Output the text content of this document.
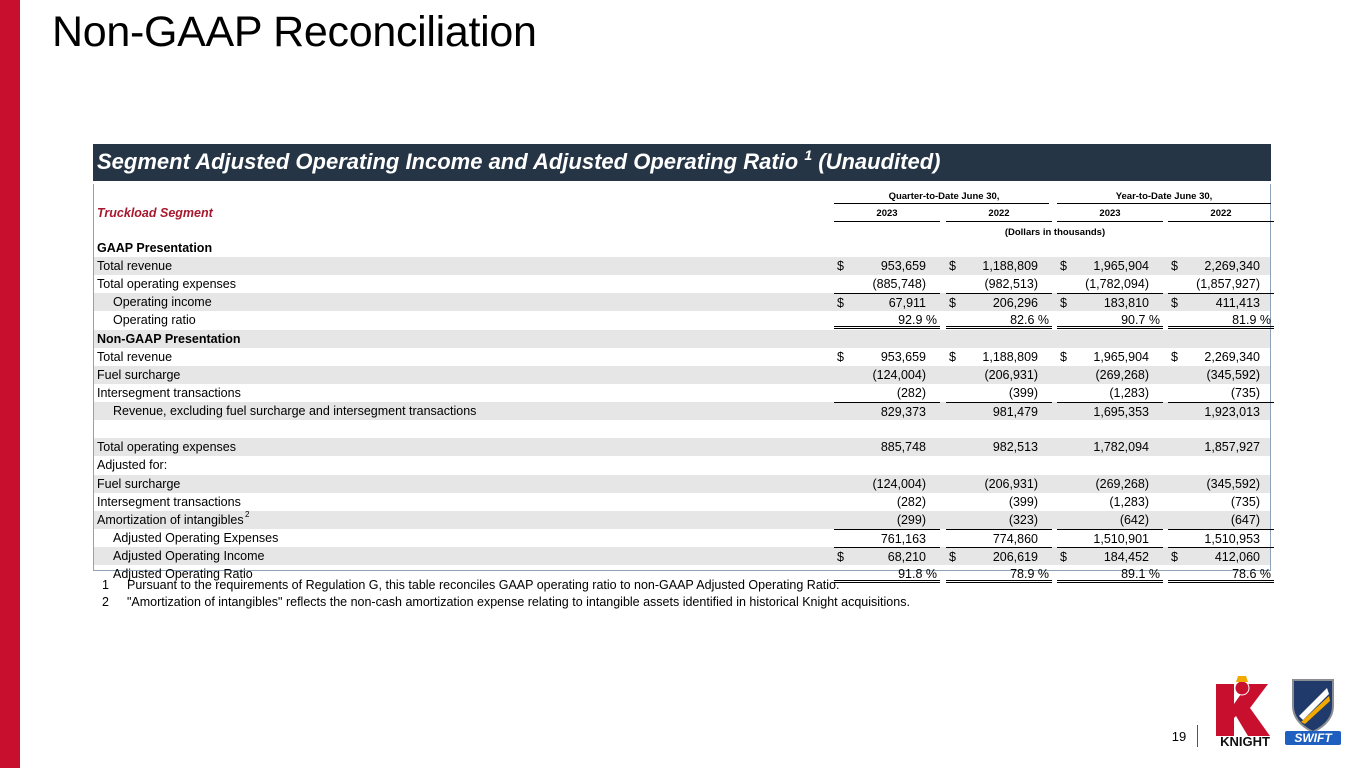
Non-GAAP Reconciliation
Segment Adjusted Operating Income and Adjusted Operating Ratio $^1$ (Unaudited)
Quarter-to-Date June 30,	Year-to-Date June 30,
Truckload Segment	2023	2022	2023	2022
(Dollars in thousands)
GAAP Presentation
Total revenue	$	953,659 $ 1,188,809 $ 1,965,904 $ 2,269,340
Total operating expenses	(885,748)	(982,513)	(1,782,094)	(1,857,927)
Operating income	$	67,911 $	206,296 $	183,810 $	411,413
Operating ratio	92.9 %	82.6 %	90.7 %	81.9 %
Non-GAAP Presentation
Total revenue	$	953,659 $ 1,188,809 $ 1,965,904 $ 2,269,340
Fuel surcharge	(124,004)	(206,931)	(269,268)	(345,592)
Intersegment transactions	(282)	(399)	(1,283)	(735)
Revenue, excluding fuel surcharge and intersegment transactions	829,373	981,479	1,695,353	1,923,013
Total operating expenses	885,748	982,513	1,782,094	1,857,927
Adjusted for:
Fuel surcharge	(124,004)	(206,931)	(269,268)	(345,592)
Intersegment transactions	(282)	(399)	(1,283)	(735)
Amortization of intangibles 2	(299)	(323)	(642)	(647)
Adjusted Operating Expenses	761,163	774,860	1,510,901	1,510,953
Adjusted Operating Income	$	68,210 $	206,619 $	184,452 $	412,060
Adjusted Operating Ratio	91.8 %	78.9 %	89.1 %	78.6 %
1 Pursuant to the requirements of Regulation G, this table reconciles GAAP operating ratio to non-GAAP Adjusted Operating Ratio.
2 "Amortization of intangibles" reflects the non-cash amortization expense relating to intangible assets identified in historical Knight acquisitions.
19	KNIGHT SWIFT
